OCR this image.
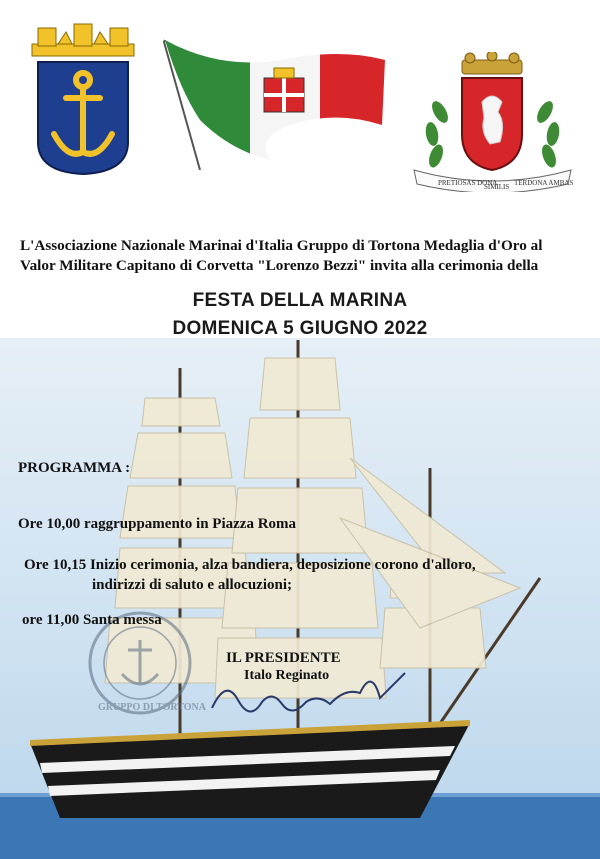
PRETIOSAS DONA
SIMILIS TERDONA AMBAS
L'Associazione Nazionale Marinai d'Italia Gruppo di Tortona Medaglia d'Oro al
Valor Militare Capitano di Corvetta "Lorenzo Bezzi" invita alla cerimonia della
FESTA DELLA MARINA
DOMENICA 5 GIUGNO 2022
GRUPPO DI TORTONA
PROGRAMMA :
Ore 10,00 raggruppamento in Piazza Roma
Ore 10,15 Inizio cerimonia, alza bandiera, deposizione corono d'alloro,
indirizzi di saluto e allocuzioni;
ore 11,00 Santa messa
IL PRESIDENTE
Italo Reginato
